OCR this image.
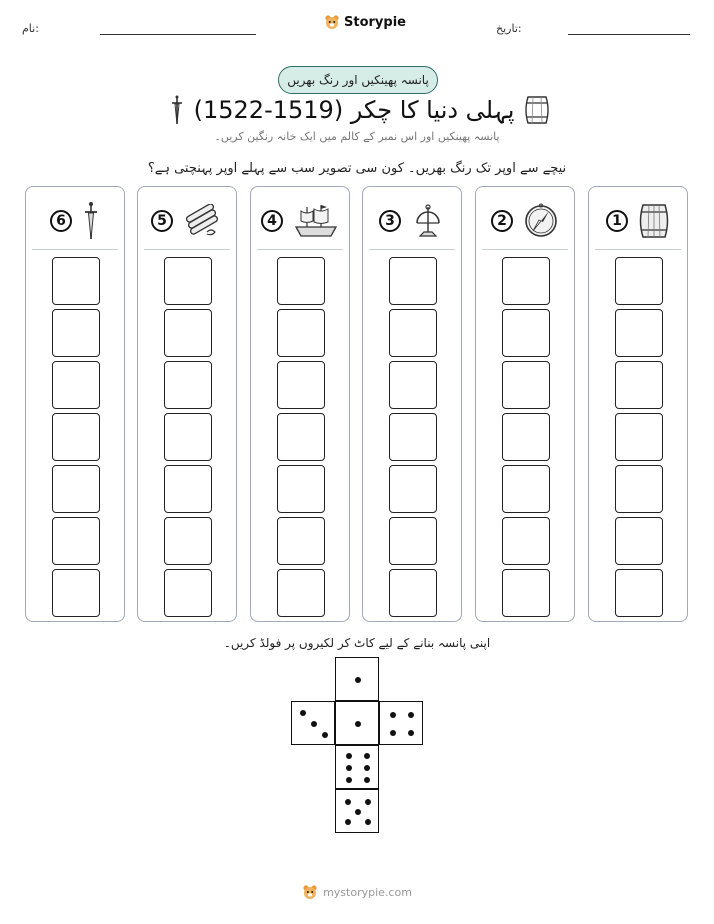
نام:	Storypie	تاریخ:
پانسہ پھینکیں اور رنگ بھریں
پہلی دنیا کا چکر (1519-1522)
پانسہ پھینکیں اور اس نمبر کے کالم میں ایک خانہ رنگین کریں۔
نیچے سے اوپر تک رنگ بھریں۔ کون سی تصویر سب سے پہلے اوپر پہنچتی ہے؟
6	5	4	3	2	1
اپنی پانسہ بنانے کے لیے کاٹ کر لکیروں پر فولڈ کریں۔
mystorypie.com
